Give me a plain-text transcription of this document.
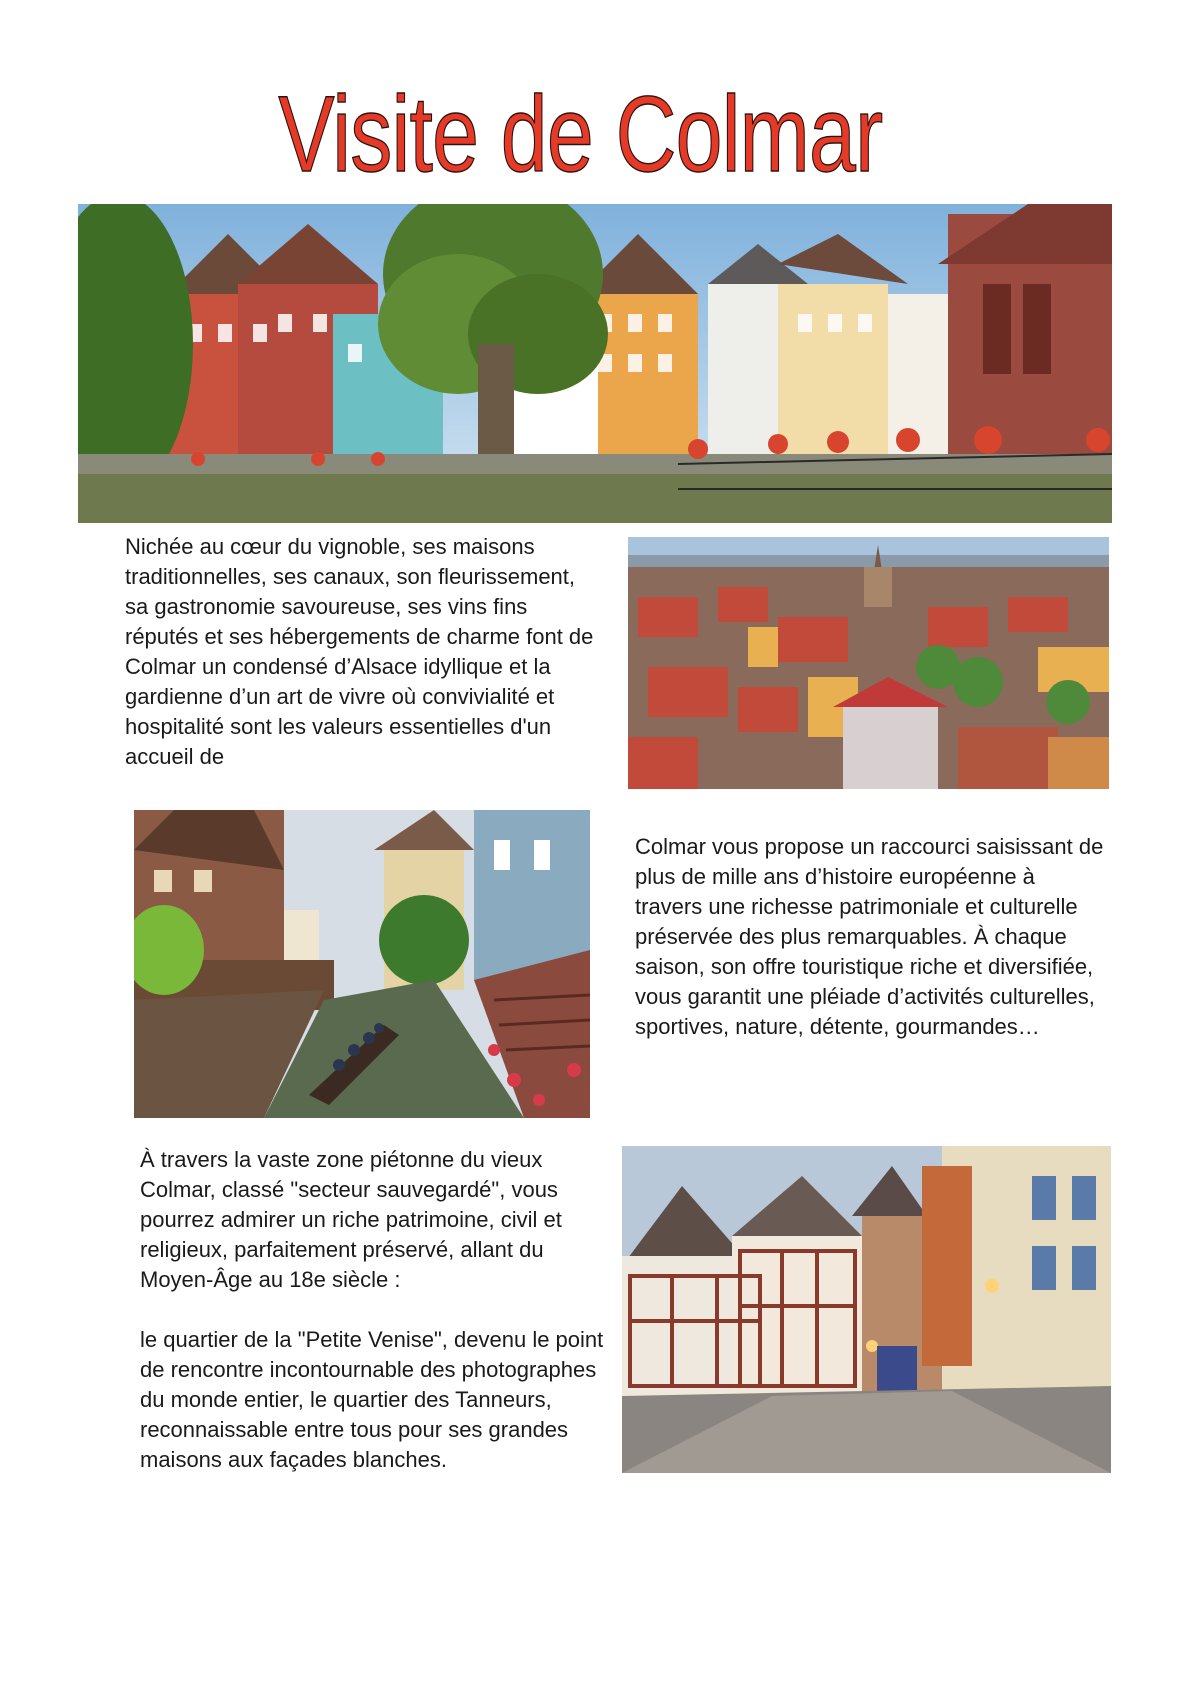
Visite de Colmar

Nichée au cœur du vignoble, ses maisons traditionnelles, ses canaux, son fleurissement, sa gastronomie savoureuse, ses vins fins réputés et ses hébergements de charme font de Colmar un condensé d’Alsace idyllique et la gardienne d’un art de vivre où convivialité et hospitalité sont les valeurs essentielles d'un accueil de

Colmar vous propose un raccourci saisissant de plus de mille ans d’histoire européenne à travers une richesse patrimoniale et culturelle préservée des plus remarquables. À chaque saison, son offre touristique riche et diversifiée, vous garantit une pléiade d’activités culturelles, sportives, nature, détente, gourmandes…

À travers la vaste zone piétonne du vieux Colmar, classé "secteur sauvegardé", vous pourrez admirer un riche patrimoine, civil et religieux, parfaitement préservé, allant du Moyen-Âge au 18e siècle :

le quartier de la "Petite Venise", devenu le point de rencontre incontournable des photographes du monde entier, le quartier des Tanneurs, reconnaissable entre tous pour ses grandes maisons aux façades blanches.
